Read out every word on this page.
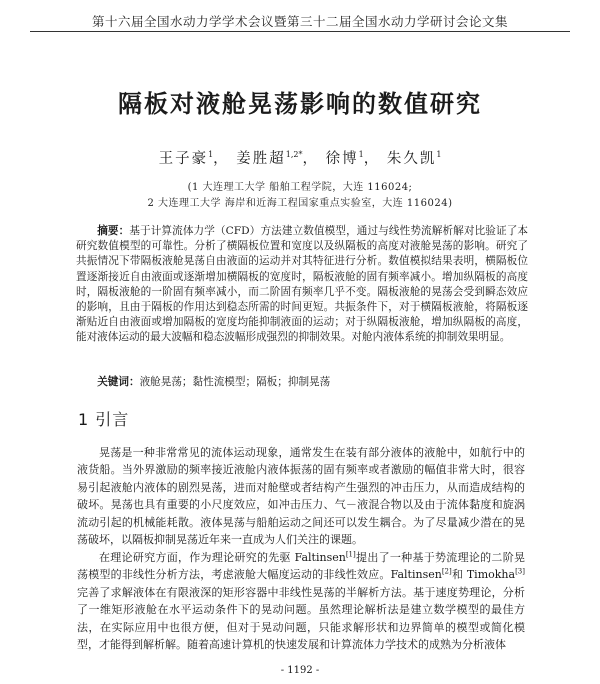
第十六届全国水动力学学术会议暨第三十二届全国水动力学研讨会论文集
隔板对液舱晃荡影响的数值研究
王子豪$^1$， 姜胜超$^{1,2*}$， 徐博$^1$， 朱久凯$^1$
(1 大连理工大学 船舶工程学院，大连 116024;
2 大连理工大学 海岸和近海工程国家重点实验室，大连 116024)
摘要：基于计算流体力学（CFD）方法建立数值模型，通过与线性势流解析解对比验证了本研究数值模型的可靠性。分析了横隔板位置和宽度以及纵隔板的高度对液舱晃荡的影响。研究了共振情况下带隔板液舱晃荡自由液面的运动并对其特征进行分析。数值模拟结果表明，横隔板位置逐渐接近自由液面或逐渐增加横隔板的宽度时，隔板液舱的固有频率减小。增加纵隔板的高度时，隔板液舱的一阶固有频率减小，而二阶固有频率几乎不变。隔板液舱的晃荡会受到瞬态效应的影响，且由于隔板的作用达到稳态所需的时间更短。共振条件下，对于横隔板液舱，将隔板逐渐贴近自由液面或增加隔板的宽度均能抑制液面的运动；对于纵隔板液舱，增加纵隔板的高度，能对液体运动的最大波幅和稳态波幅形成强烈的抑制效果。对舱内液体系统的抑制效果明显。
关键词：液舱晃荡；黏性流模型；隔板；抑制晃荡
1 引言
晃荡是一种非常常见的流体运动现象，通常发生在装有部分液体的液舱中，如航行中的液货船。当外界激励的频率接近液舱内液体振荡的固有频率或者激励的幅值非常大时，很容易引起液舱内液体的剧烈晃荡，进而对舱壁或者结构产生强烈的冲击压力，从而造成结构的破坏。晃荡也具有重要的小尺度效应，如冲击压力、气－液混合物以及由于流体黏度和旋涡流动引起的机械能耗散。液体晃荡与船舶运动之间还可以发生耦合。为了尽量减少潜在的晃荡破坏，以隔板抑制晃荡近年来一直成为人们关注的课题。
在理论研究方面，作为理论研究的先驱 Faltinsen[1]提出了一种基于势流理论的二阶晃荡模型的非线性分析方法，考虑液舱大幅度运动的非线性效应。Faltinsen[2]和 Timokha[3]完善了求解液体在有限液深的矩形容器中非线性晃荡的半解析方法。基于速度势理论，分析了一维矩形液舱在水平运动条件下的晃动问题。虽然理论解析法是建立数学模型的最佳方法，在实际应用中也很方便，但对于晃动问题，只能求解形状和边界简单的模型或简化模型，才能得到解析解。随着高速计算机的快速发展和计算流体力学技术的成熟为分析液体
- 1192 -
